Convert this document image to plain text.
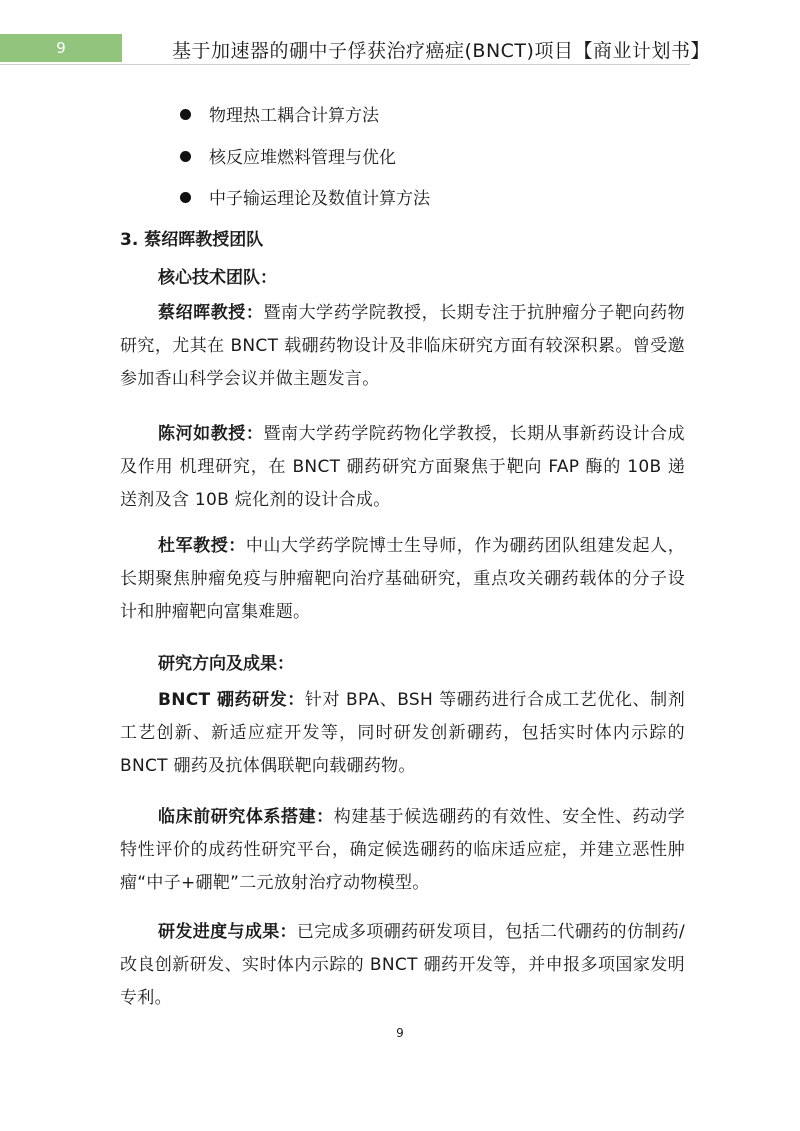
9	基于加速器的硼中子俘获治疗癌症(BNCT)项目【商业计划书】
物理热工耦合计算方法
核反应堆燃料管理与优化
中子输运理论及数值计算方法
3. 蔡绍晖教授团队
核心技术团队：
蔡绍晖教授：暨南大学药学院教授，长期专注于抗肿瘤分子靶向药物研究，尤其在 BNCT 载硼药物设计及非临床研究方面有较深积累。曾受邀参加香山科学会议并做主题发言。
陈河如教授：暨南大学药学院药物化学教授，长期从事新药设计合成及作用 机理研究，在 BNCT 硼药研究方面聚焦于靶向 FAP 酶的 10B 递送剂及含 10B 烷化剂的设计合成。
杜军教授：中山大学药学院博士生导师，作为硼药团队组建发起人，长期聚焦肿瘤免疫与肿瘤靶向治疗基础研究，重点攻关硼药载体的分子设计和肿瘤靶向富集难题。
研究方向及成果：
BNCT 硼药研发：针对 BPA、BSH 等硼药进行合成工艺优化、制剂工艺创新、新适应症开发等，同时研发创新硼药，包括实时体内示踪的 BNCT 硼药及抗体偶联靶向载硼药物。
临床前研究体系搭建：构建基于候选硼药的有效性、安全性、药动学特性评价的成药性研究平台，确定候选硼药的临床适应症，并建立恶性肿瘤“中子+硼靶”二元放射治疗动物模型。
研发进度与成果：已完成多项硼药研发项目，包括二代硼药的仿制药/改良创新研发、实时体内示踪的 BNCT 硼药开发等，并申报多项国家发明专利。
9
